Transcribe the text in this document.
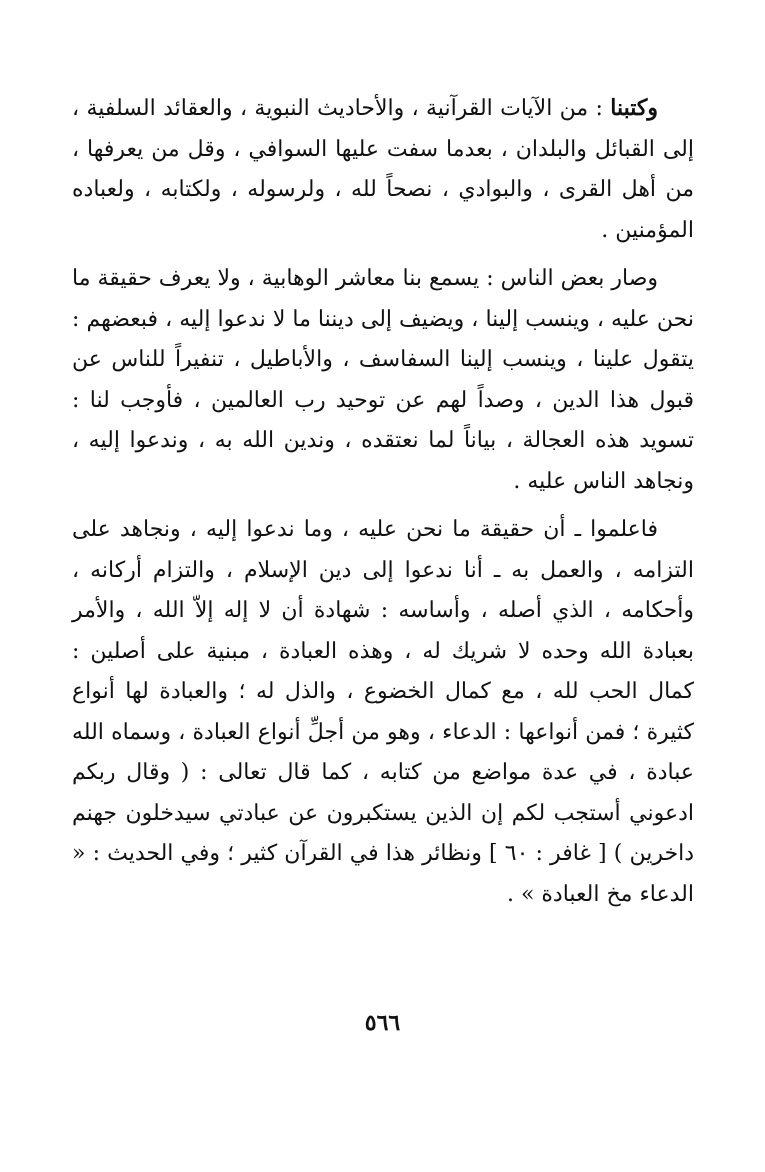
وكتبنا : من الآيات القرآنية ، والأحاديث النبوية ، والعقائد السلفية ، إلى القبائل والبلدان ، بعدما سفت عليها السوافي ، وقل من يعرفها ، من أهل القرى ، والبوادي ، نصحاً لله ، ولرسوله ، ولكتابه ، ولعباده المؤمنين .

وصار بعض الناس : يسمع بنا معاشر الوهابية ، ولا يعرف حقيقة ما نحن عليه ، وينسب إلينا ، ويضيف إلى ديننا ما لا ندعوا إليه ، فبعضهم : يتقول علينا ، وينسب إلينا السفاسف ، والأباطيل ، تنفيراً للناس عن قبول هذا الدين ، وصداً لهم عن توحيد رب العالمين ، فأوجب لنا : تسويد هذه العجالة ، بياناً لما نعتقده ، وندين الله به ، وندعوا إليه ، ونجاهد الناس عليه .

فاعلموا ـ أن حقيقة ما نحن عليه ، وما ندعوا إليه ، ونجاهد على التزامه ، والعمل به ـ أنا ندعوا إلى دين الإسلام ، والتزام أركانه ، وأحكامه ، الذي أصله ، وأساسه : شهادة أن لا إله إلاّ الله ، والأمر بعبادة الله وحده لا شريك له ، وهذه العبادة ، مبنية على أصلين : كمال الحب لله ، مع كمال الخضوع ، والذل له ؛ والعبادة لها أنواع كثيرة ؛ فمن أنواعها : الدعاء ، وهو من أجلِّ أنواع العبادة ، وسماه الله عبادة ، في عدة مواضع من كتابه ، كما قال تعالى : ( وقال ربكم ادعوني أستجب لكم إن الذين يستكبرون عن عبادتي سيدخلون جهنم داخرين ) [ غافر : ٦٠ ] ونظائر هذا في القرآن كثير ؛ وفي الحديث : « الدعاء مخ العبادة » .

٥٦٦
